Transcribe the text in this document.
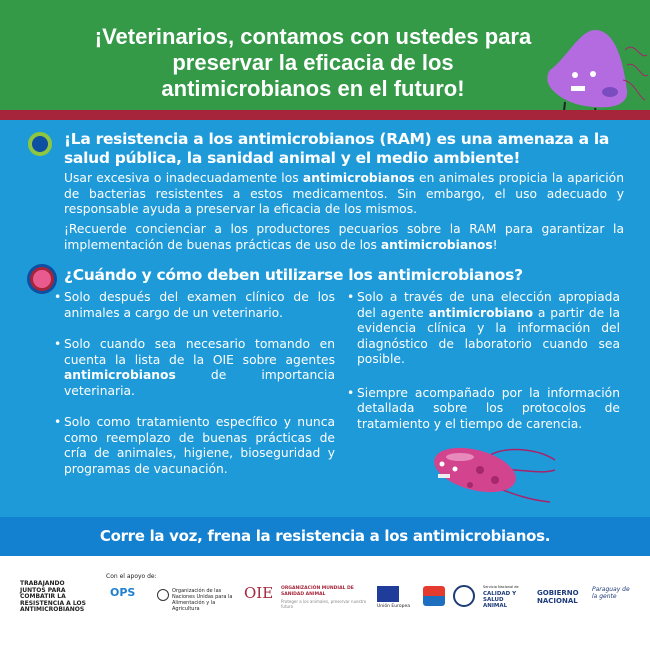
¡Veterinarios, contamos con ustedes para preservar la eficacia de los antimicrobianos en el futuro!
¡La resistencia a los antimicrobianos (RAM) es una amenaza a la salud pública, la sanidad animal y el medio ambiente!
Usar excesiva o inadecuadamente los antimicrobianos en animales propicia la aparición de bacterias resistentes a estos medicamentos. Sin embargo, el uso adecuado y responsable ayuda a preservar la eficacia de los mismos.
¡Recuerde concienciar a los productores pecuarios sobre la RAM para garantizar la implementación de buenas prácticas de uso de los antimicrobianos!
¿Cuándo y cómo deben utilizarse los antimicrobianos?
• Solo después del examen clínico de los animales a cargo de un veterinario.
• Solo cuando sea necesario tomando en cuenta la lista de la OIE sobre agentes antimicrobianos de importancia veterinaria.
• Solo como tratamiento específico y nunca como reemplazo de buenas prácticas de cría de animales, higiene, bioseguridad y programas de vacunación.
• Solo a través de una elección apropiada del agente antimicrobiano a partir de la evidencia clínica y la información del diagnóstico de laboratorio cuando sea posible.
• Siempre acompañado por la información detallada sobre los protocolos de tratamiento y el tiempo de carencia.
Corre la voz, frena la resistencia a los antimicrobianos.
TRABAJANDO JUNTOS PARA COMBATIR LA RESISTENCIA A LOS ANTIMICROBIANOS
Con el apoyo de:
OPS	Organización de las Naciones Unidas para la Alimentación y la Agricultura
OIE ORGANIZACIÓN MUNDIAL DE SANIDAD ANIMAL
Proteger a los animales, preservar nuestro futuro	Unión Europea
Servicio Nacional de
CALIDAD Y SALUD ANIMAL
GOBIERNO NACIONAL
Paraguay de la gente
